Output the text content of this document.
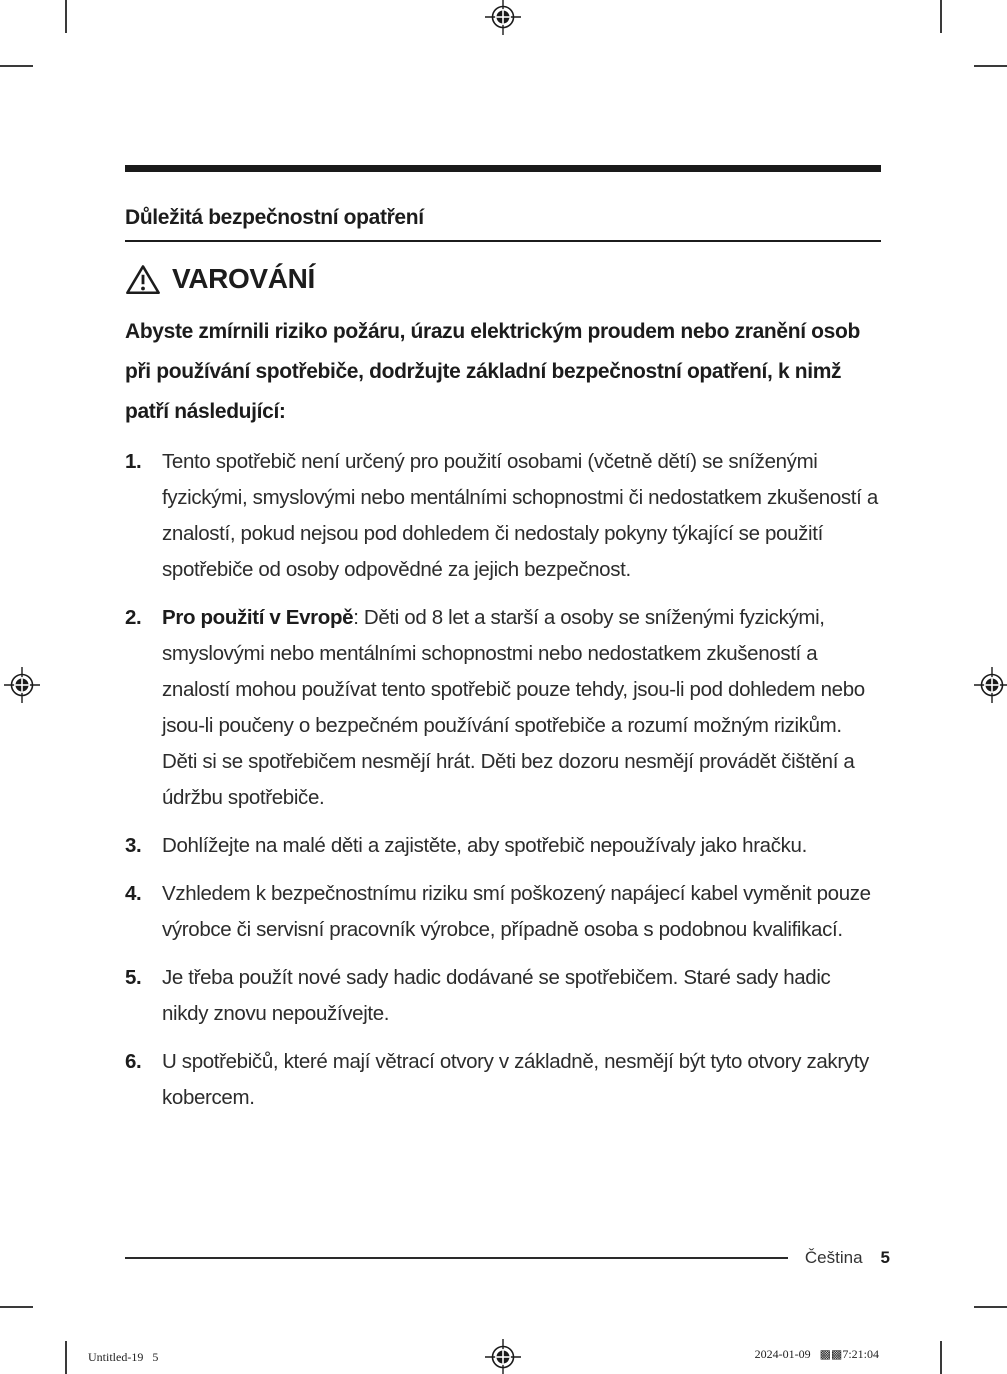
Důležitá bezpečnostní opatření
VAROVÁNÍ
Abyste zmírnili riziko požáru, úrazu elektrickým proudem nebo zranění osob při používání spotřebiče, dodržujte základní bezpečnostní opatření, k nimž patří následující:
1.	Tento spotřebič není určený pro použití osobami (včetně dětí) se sníženými fyzickými, smyslovými nebo mentálními schopnostmi či nedostatkem zkušeností a znalostí, pokud nejsou pod dohledem či nedostaly pokyny týkající se použití spotřebiče od osoby odpovědné za jejich bezpečnost.
2.	Pro použití v Evropě: Děti od 8 let a starší a osoby se sníženými fyzickými, smyslovými nebo mentálními schopnostmi nebo nedostatkem zkušeností a znalostí mohou používat tento spotřebič pouze tehdy, jsou-li pod dohledem nebo jsou-li poučeny o bezpečném používání spotřebiče a rozumí možným rizikům. Děti si se spotřebičem nesmějí hrát. Děti bez dozoru nesmějí provádět čištění a údržbu spotřebiče.
3.	Dohlížejte na malé děti a zajistěte, aby spotřebič nepoužívaly jako hračku.
4.	Vzhledem k bezpečnostnímu riziku smí poškozený napájecí kabel vyměnit pouze výrobce či servisní pracovník výrobce, případně osoba s podobnou kvalifikací.
5.	Je třeba použít nové sady hadic dodávané se spotřebičem. Staré sady hadic nikdy znovu nepoužívejte.
6.	U spotřebičů, které mají větrací otvory v základně, nesmějí být tyto otvory zakryty kobercem.
Čeština 5
Untitled-19   5	2024-01-09   ▩▩7:21:04
